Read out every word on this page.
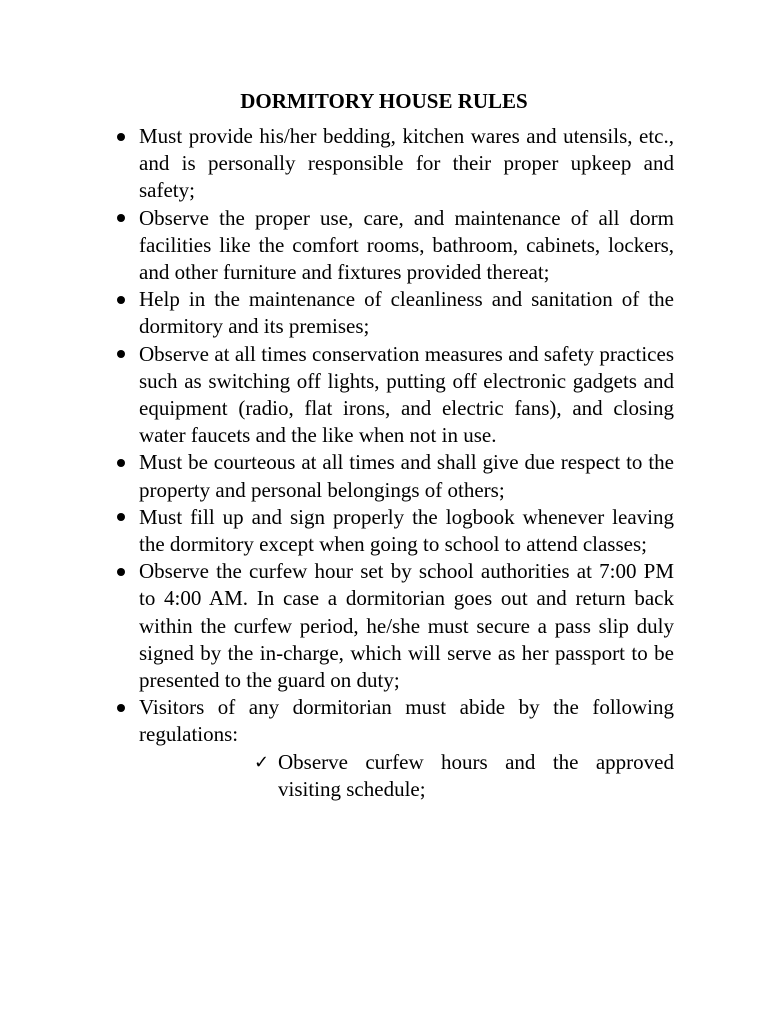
DORMITORY HOUSE RULES
Must provide his/her bedding, kitchen wares and utensils, etc., and is personally responsible for their proper upkeep and safety;
Observe the proper use, care, and maintenance of all dorm facilities like the comfort rooms, bathroom, cabinets, lockers, and other furniture and fixtures provided thereat;
Help in the maintenance of cleanliness and sanitation of the dormitory and its premises;
Observe at all times conservation measures and safety practices such as switching off lights, putting off electronic gadgets and equipment (radio, flat irons, and electric fans), and closing water faucets and the like when not in use.
Must be courteous at all times and shall give due respect to the property and personal belongings of others;
Must fill up and sign properly the logbook whenever leaving the dormitory except when going to school to attend classes;
Observe the curfew hour set by school authorities at 7:00 PM to 4:00 AM. In case a dormitorian goes out and return back within the curfew period, he/she must secure a pass slip duly signed by the in-charge, which will serve as her passport to be presented to the guard on duty;
Visitors of any dormitorian must abide by the following regulations:
✓ Observe curfew hours and the approved visiting schedule;
